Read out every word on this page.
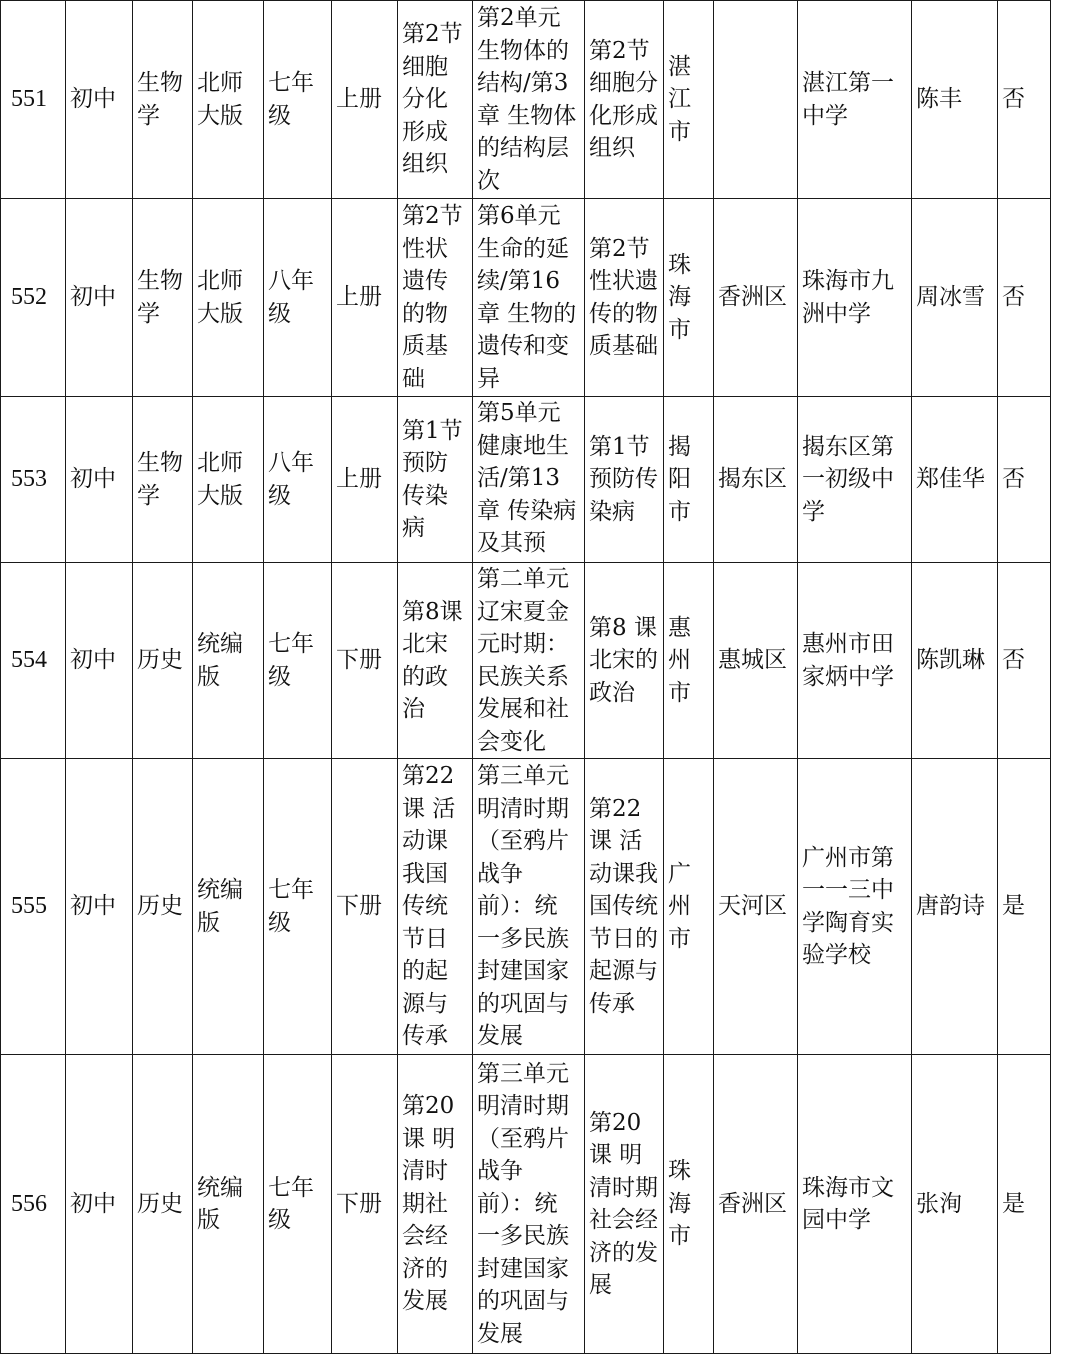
551	初中	生物学	北师大版	七年级	上册	第2节细胞分化形成组织	第2单元生物体的结构/第3章 生物体的结构层次	第2节细胞分化形成组织	湛江市		湛江第一中学	陈丰	否
552	初中	生物学	北师大版	八年级	上册	第2节性状遗传的物质基础	第6单元生命的延续/第16章 生物的遗传和变异	第2节性状遗传的物质基础	珠海市	香洲区	珠海市九洲中学	周冰雪	否
553	初中	生物学	北师大版	八年级	上册	第1节预防传染病	第5单元健康地生活/第13章 传染病及其预	第1节预防传染病	揭阳市	揭东区	揭东区第一初级中学	郑佳华	否
554	初中	历史	统编版	七年级	下册	第8课 北宋的政治	第二单元辽宋夏金元时期：民族关系发展和社会变化	第8 课北宋的政治	惠州市	惠城区	惠州市田家炳中学	陈凯琳	否
555	初中	历史	统编版	七年级	下册	第22课 活动课我国传统节日的起源与传承	第三单元明清时期（至鸦片战争前）：统一多民族封建国家的巩固与发展	第22课 活动课我国传统节日的起源与传承	广州市	天河区	广州市第一一三中学陶育实验学校	唐韵诗	是
556	初中	历史	统编版	七年级	下册	第20课 明清时期社会经济的发展	第三单元明清时期（至鸦片战争前）：统一多民族封建国家的巩固与发展	第20课 明清时期社会经济的发展	珠海市	香洲区	珠海市文园中学	张洵	是
